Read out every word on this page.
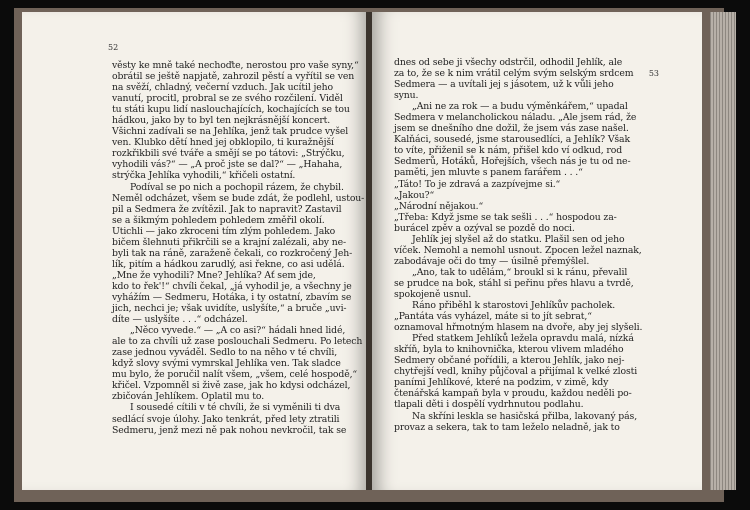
52
věsty ke mně také nechoďte, nerostou pro vaše syny,“
obrátil se ještě napjatě, zahrozil pěstí a vyřítil se ven
na svěží, chladný, večerní vzduch. Jak ucítil jeho
vanutí, procitl, probral se ze svého rozčilení. Viděl
tu státi kupu lidí naslouchajících, kochajících se tou
hádkou, jako by to byl ten nejkrásnější koncert.
Všichni zadívali se na Jehlíka, jenž tak prudce vyšel
ven. Klubko dětí hned jej obklopilo, ti kuražnější
rozkřikbili své tváře a smějí se po tátovi: „Strýčku,
vyhodili vás?“ — „A proč jste se dal?“ — „Hahaha,
strýčka Jehlíka vyhodili,“ křičeli ostatní.
Podíval se po nich a pochopil rázem, že chybil.
Neměl odcházet, všem se bude zdát, že podlehl, ustou-
pil a Sedmera že zvítězil. Jak to napravit? Zastavil
se a šikmým pohledem pohledem změřil okolí.
Utichli — jako zkroceni tím zlým pohledem. Jako
bičem šlehnuti přikrčili se a krajní zalézali, aby ne-
byli tak na ráně, zaraženě čekali, co rozkročený Jeh-
lík, pitím a hádkou zarudlý, asi řekne, co asi udělá.
„Mne že vyhodili? Mne? Jehlíka? Ať sem jde,
kdo to řek'!“ chvíli čekal, „já vyhodil je, a všechny je
vyhážím — Sedmeru, Hotáka, i ty ostatní, zbavím se
jich, nechci je; však uvidíte, uslyšíte,“ a bruče „uvi-
díte — uslyšíte . . .“ odcházel.
„Něco vyvede.“ — „A co asi?“ hádali hned lidé,
ale to za chvíli už zase poslouchali Sedmeru. Po letech
zase jednou vyváděl. Sedlo to na něho v té chvíli,
když slovy svými vymrskal Jehlíka ven. Tak sladce
mu bylo, že poručil nalít všem, „všem, celé hospodě,“
křičel. Vzpomněl si živě zase, jak ho kdysi odcházel,
zbičován Jehlíkem. Oplatil mu to.
I sousedé cítili v té chvíli, že si vyměnili ti dva
sedlácí svoje úlohy. Jako tenkrát, před lety ztratili
Sedmeru, jenž mezi ně pak nohou nevkročil, tak se
53
dnes od sebe ji všechy odstrčil, odhodil Jehlík, ale
za to, že se k nim vrátil celým svým selským srdcem
Sedmera — a uvítali jej s jásotem, už k vůli jeho
synu.
„Ani ne za rok — a budu výměnkářem,“ upadal
Sedmera v melancholickou náladu. „Ale jsem rád, že
jsem se dnešního dne dožil, že jsem vás zase našel.
Kalňáci, sousedé, jsme starousedlíci, a Jehlík? Však
to víte, přiženil se k nám, přišel kdo ví odkud, rod
Sedmerů, Hotáků, Hořejších, všech nás je tu od ne-
paměti, jen mluvte s panem farářem . . .“
„Táto! To je zdravá a zazpívejme si.“
„Jakou?“
„Národní nějakou.“
„Třeba: Když jsme se tak sešli . . .“ hospodou za-
burácel zpěv a ozýval se pozdě do noci.
Jehlík jej slyšel až do statku. Plašil sen od jeho
víček. Nemohl a nemohl usnout. Zpocen ležel naznak,
zabodávaje oči do tmy — úsilně přemýšlel.
„Ano, tak to udělám,“ broukl si k ránu, převalil
se prudce na bok, stáhl si peřinu přes hlavu a tvrdě,
spokojeně usnul.
Ráno přiběhl k starostovi Jehlíkův pacholek.
„Pantáta vás vyházel, máte si to jít sebrat,“
oznamoval hřmotným hlasem na dvoře, aby jej slyšeli.
Před statkem Jehlíků ležela opravdu malá, nízká
skříň, byla to knihovnička, kterou vlivem mladého
Sedmery občané pořídili, a kterou Jehlík, jako nej-
chytřejší vedl, knihy půjčoval a přijímal k velké zlosti
paními Jehlíkové, které na podzim, v zimě, kdy
čtenářská kampaň byla v proudu, každou neděli po-
tlapali děti i dospělí vydrhnutou podlahu.
Na skříni leskla se hasičská přilba, lakovaný pás,
provaz a sekera, tak to tam leželo neladně, jak to
